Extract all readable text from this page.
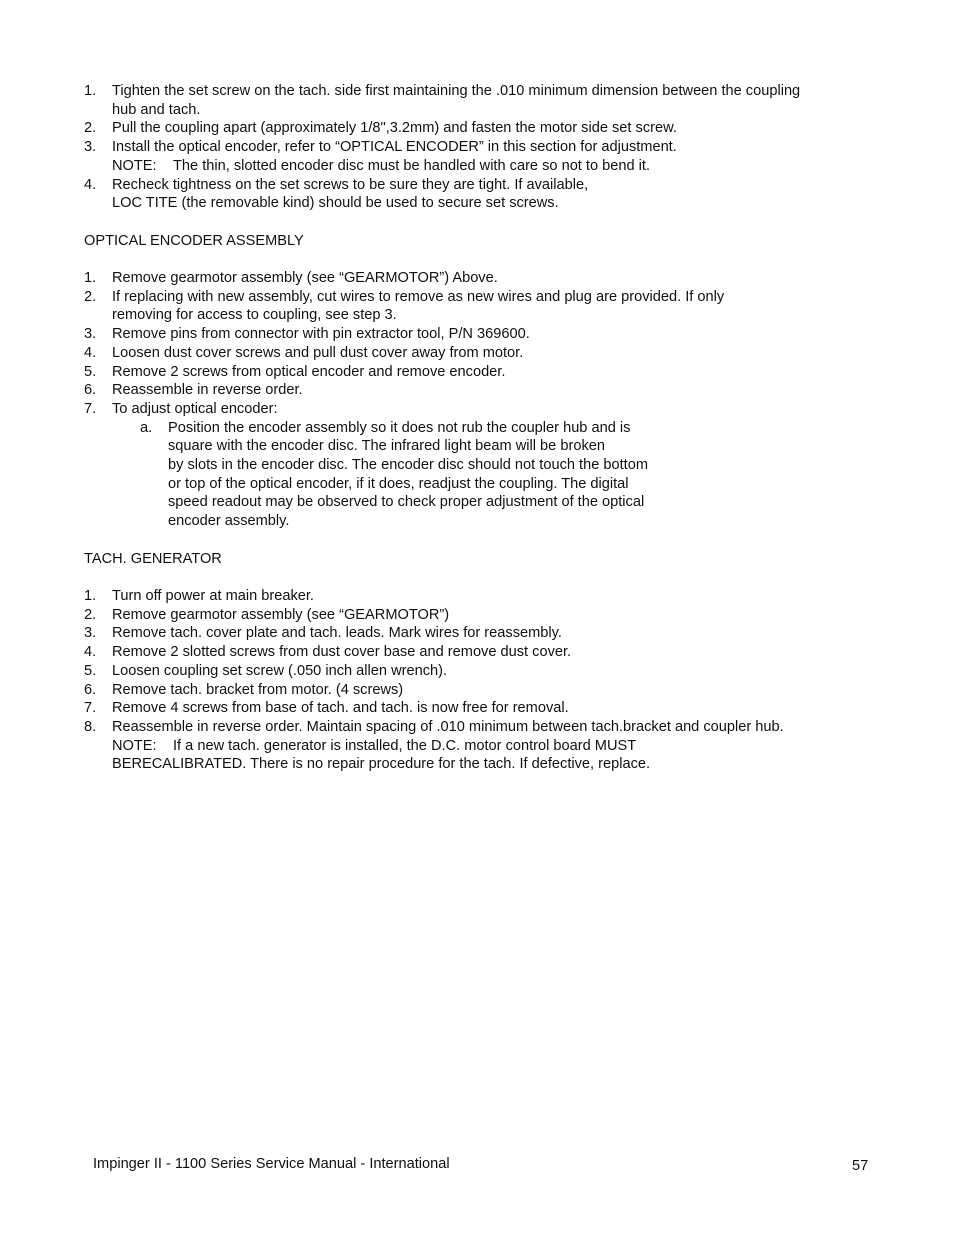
1. Tighten the set screw on the tach. side first maintaining the .010 minimum dimension between the coupling
hub and tach.
2. Pull the coupling apart (approximately 1/8",3.2mm) and fasten the motor side set screw.
3. Install the optical encoder, refer to “OPTICAL ENCODER” in this section for adjustment.
NOTE: The thin, slotted encoder disc must be handled with care so not to bend it.
4. Recheck tightness on the set screws to be sure they are tight. If available,
LOC TITE (the removable kind) should be used to secure set screws.
OPTICAL ENCODER ASSEMBLY
1. Remove gearmotor assembly (see “GEARMOTOR”) Above.
2. If replacing with new assembly, cut wires to remove as new wires and plug are provided. If only
removing for access to coupling, see step 3.
3. Remove pins from connector with pin extractor tool, P/N 369600.
4. Loosen dust cover screws and pull dust cover away from motor.
5. Remove 2 screws from optical encoder and remove encoder.
6. Reassemble in reverse order.
7. To adjust optical encoder:
a. Position the encoder assembly so it does not rub the coupler hub and is
square with the encoder disc. The infrared light beam will be broken
by slots in the encoder disc. The encoder disc should not touch the bottom
or top of the optical encoder, if it does, readjust the coupling. The digital
speed readout may be observed to check proper adjustment of the optical
encoder assembly.
TACH. GENERATOR
1. Turn off power at main breaker.
2. Remove gearmotor assembly (see “GEARMOTOR”)
3. Remove tach. cover plate and tach. leads. Mark wires for reassembly.
4. Remove 2 slotted screws from dust cover base and remove dust cover.
5. Loosen coupling set screw (.050 inch allen wrench).
6. Remove tach. bracket from motor. (4 screws)
7. Remove 4 screws from base of tach. and tach. is now free for removal.
8. Reassemble in reverse order. Maintain spacing of .010 minimum between tach.bracket and coupler hub.
NOTE: If a new tach. generator is installed, the D.C. motor control board MUST
BERECALIBRATED. There is no repair procedure for the tach. If defective, replace.
Impinger II - 1100 Series Service Manual - International	57
